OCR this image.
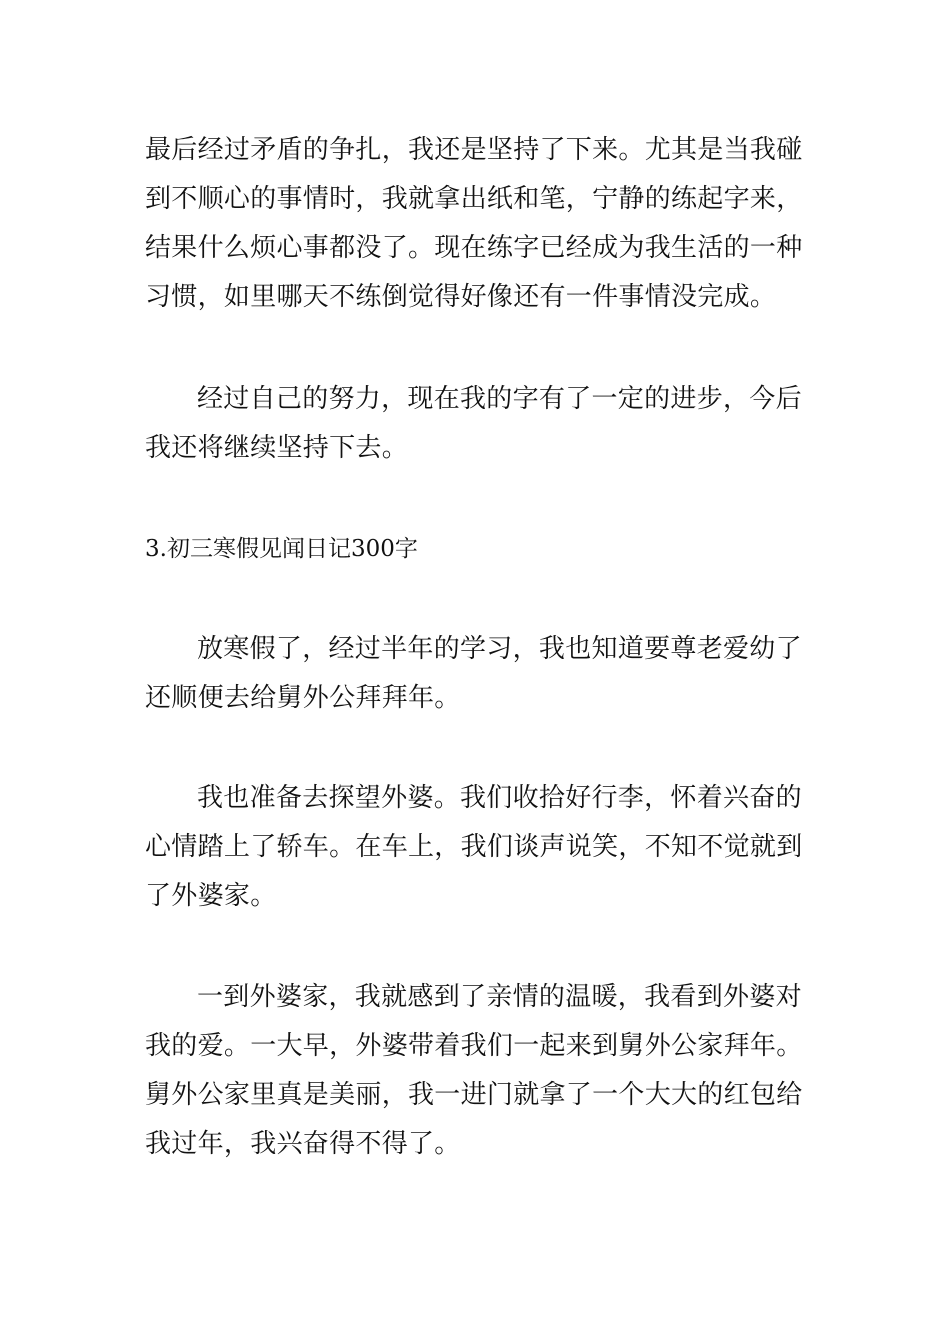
最后经过矛盾的争扎，我还是坚持了下来。尤其是当我碰
到不顺心的事情时，我就拿出纸和笔，宁静的练起字来，
结果什么烦心事都没了。现在练字已经成为我生活的一种
习惯，如里哪天不练倒觉得好像还有一件事情没完成。

经过自己的努力，现在我的字有了一定的进步，今后
我还将继续坚持下去。

3.初三寒假见闻日记300字

放寒假了，经过半年的学习，我也知道要尊老爱幼了
还顺便去给舅外公拜拜年。

我也准备去探望外婆。我们收拾好行李，怀着兴奋的
心情踏上了轿车。在车上，我们谈声说笑，不知不觉就到
了外婆家。

一到外婆家，我就感到了亲情的温暖，我看到外婆对
我的爱。一大早，外婆带着我们一起来到舅外公家拜年。
舅外公家里真是美丽，我一进门就拿了一个大大的红包给
我过年，我兴奋得不得了。
